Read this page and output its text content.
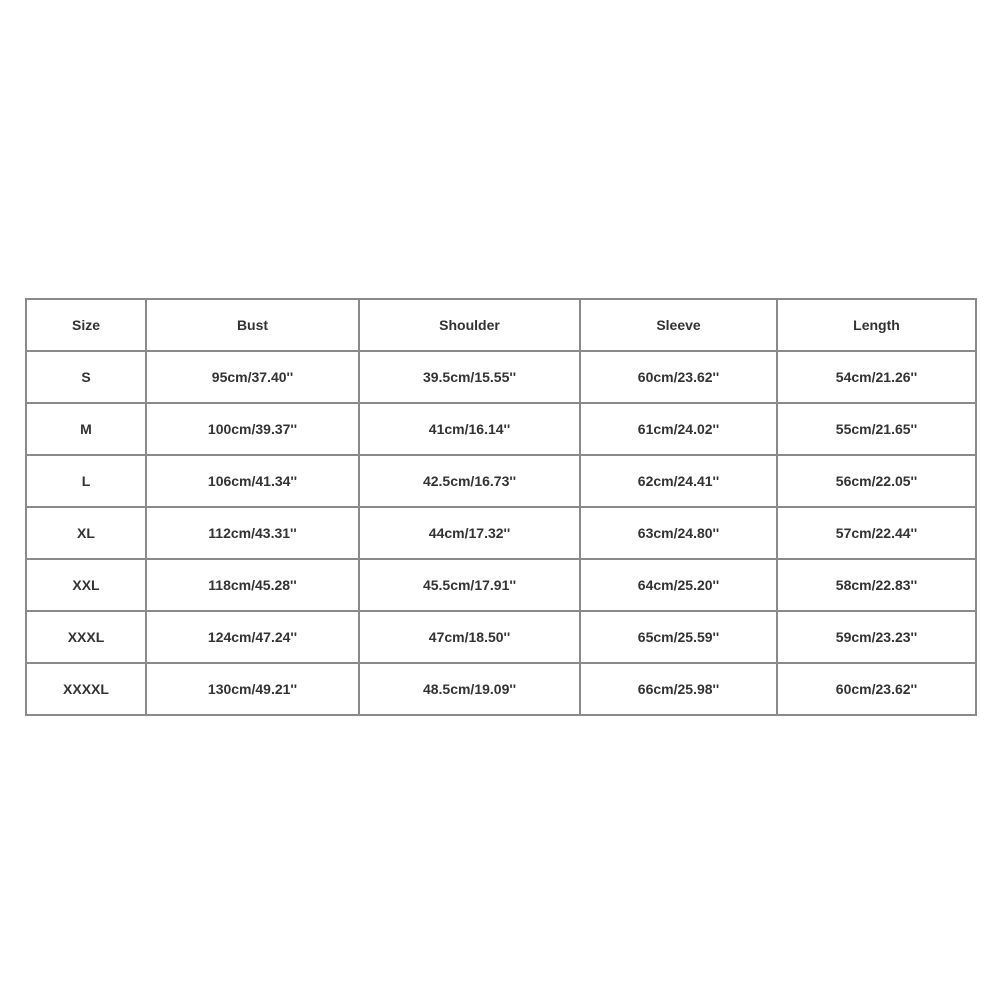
Size	Bust	Shoulder	Sleeve	Length
S	95cm/37.40''	39.5cm/15.55''	60cm/23.62''	54cm/21.26''
M	100cm/39.37''	41cm/16.14''	61cm/24.02''	55cm/21.65''
L	106cm/41.34''	42.5cm/16.73''	62cm/24.41''	56cm/22.05''
XL	112cm/43.31''	44cm/17.32''	63cm/24.80''	57cm/22.44''
XXL	118cm/45.28''	45.5cm/17.91''	64cm/25.20''	58cm/22.83''
XXXL	124cm/47.24''	47cm/18.50''	65cm/25.59''	59cm/23.23''
XXXXL	130cm/49.21''	48.5cm/19.09''	66cm/25.98''	60cm/23.62''
